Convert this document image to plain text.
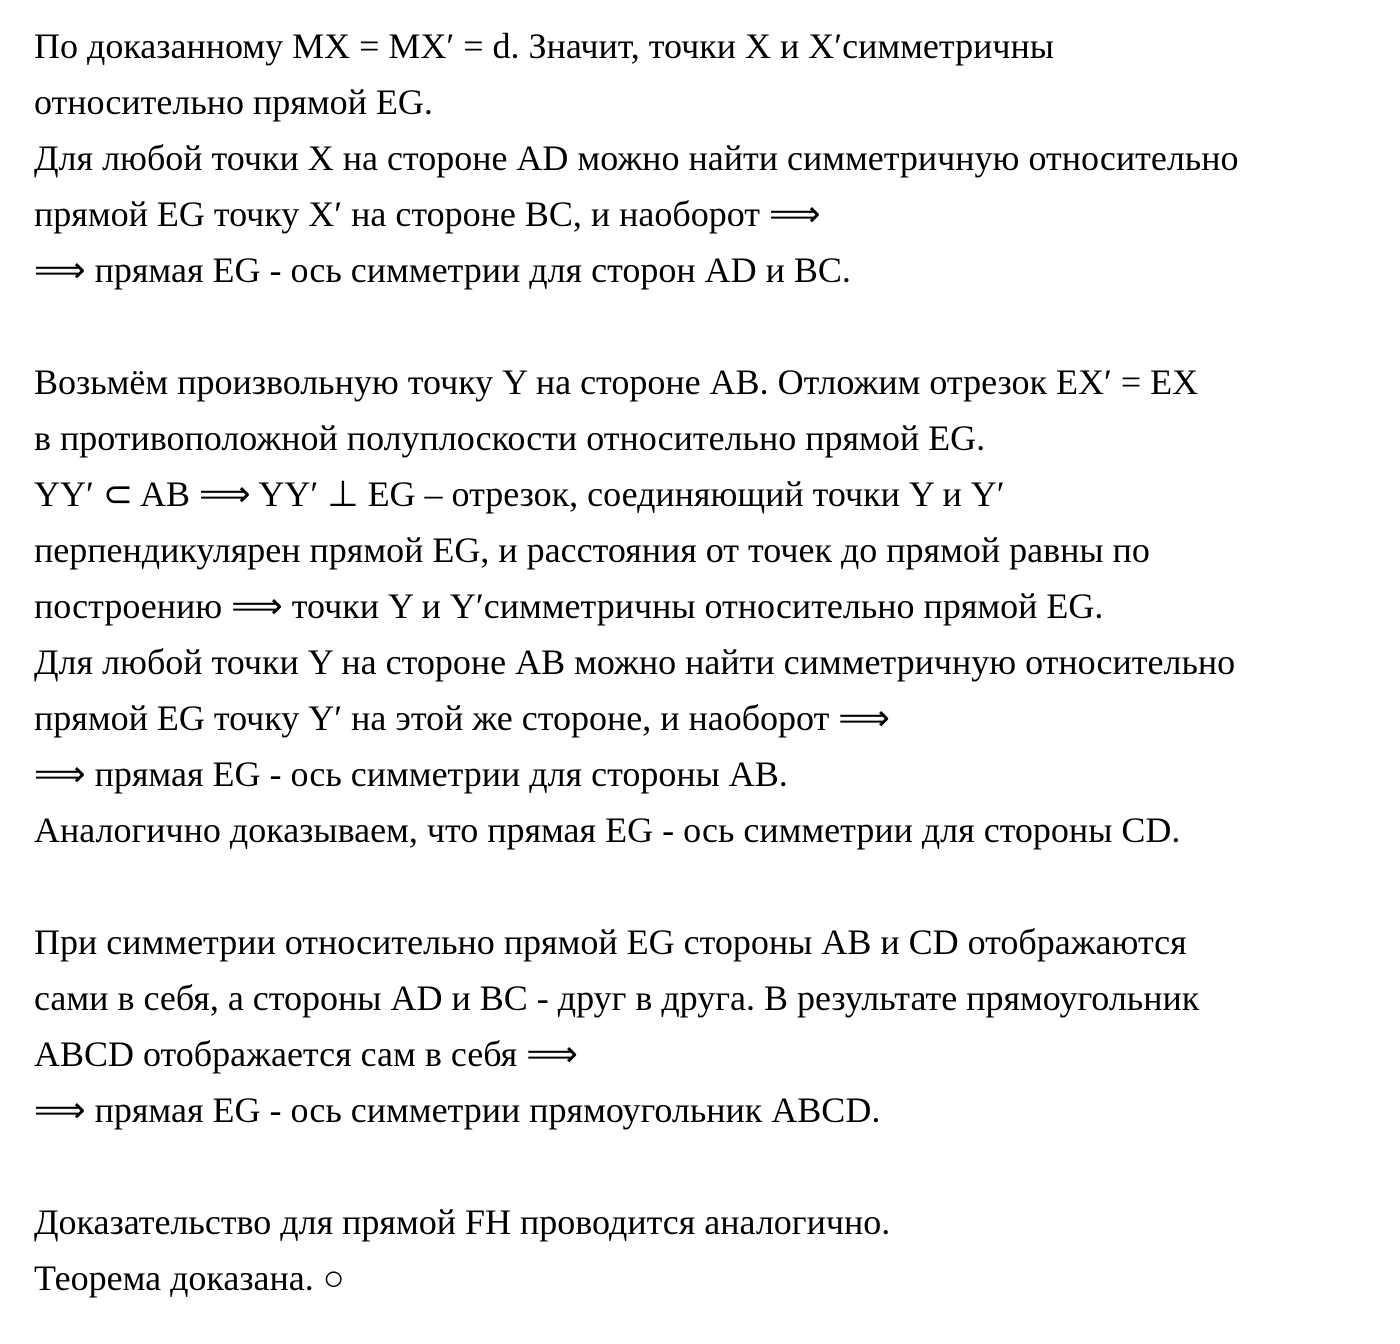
По доказанному MX = MX′ = d. Значит, точки X и X′симметричны
относительно прямой EG.
Для любой точки X на стороне AD можно найти симметричную относительно
прямой EG точку X′ на стороне BC, и наоборот ⟹
⟹ прямая EG - ось симметрии для сторон AD и BC.
Возьмём произвольную точку Y на стороне AB. Отложим отрезок EX′ = EX
в противоположной полуплоскости относительно прямой EG.
YY′ ⊂ AB ⟹ YY′ ⊥ EG – отрезок, соединяющий точки Y и Y′
перпендикулярен прямой EG, и расстояния от точек до прямой равны по
построению ⟹ точки Y и Y′симметричны относительно прямой EG.
Для любой точки Y на стороне AB можно найти симметричную относительно
прямой EG точку Y′ на этой же стороне, и наоборот ⟹
⟹ прямая EG - ось симметрии для стороны AB.
Аналогично доказываем, что прямая EG - ось симметрии для стороны CD.
При симметрии относительно прямой EG стороны AB и CD отображаются
сами в себя, а стороны AD и BC - друг в друга. В результате прямоугольник
ABCD отображается сам в себя ⟹
⟹ прямая EG - ось симметрии прямоугольник ABCD.
Доказательство для прямой FH проводится аналогично.
Теорема доказана. ○
